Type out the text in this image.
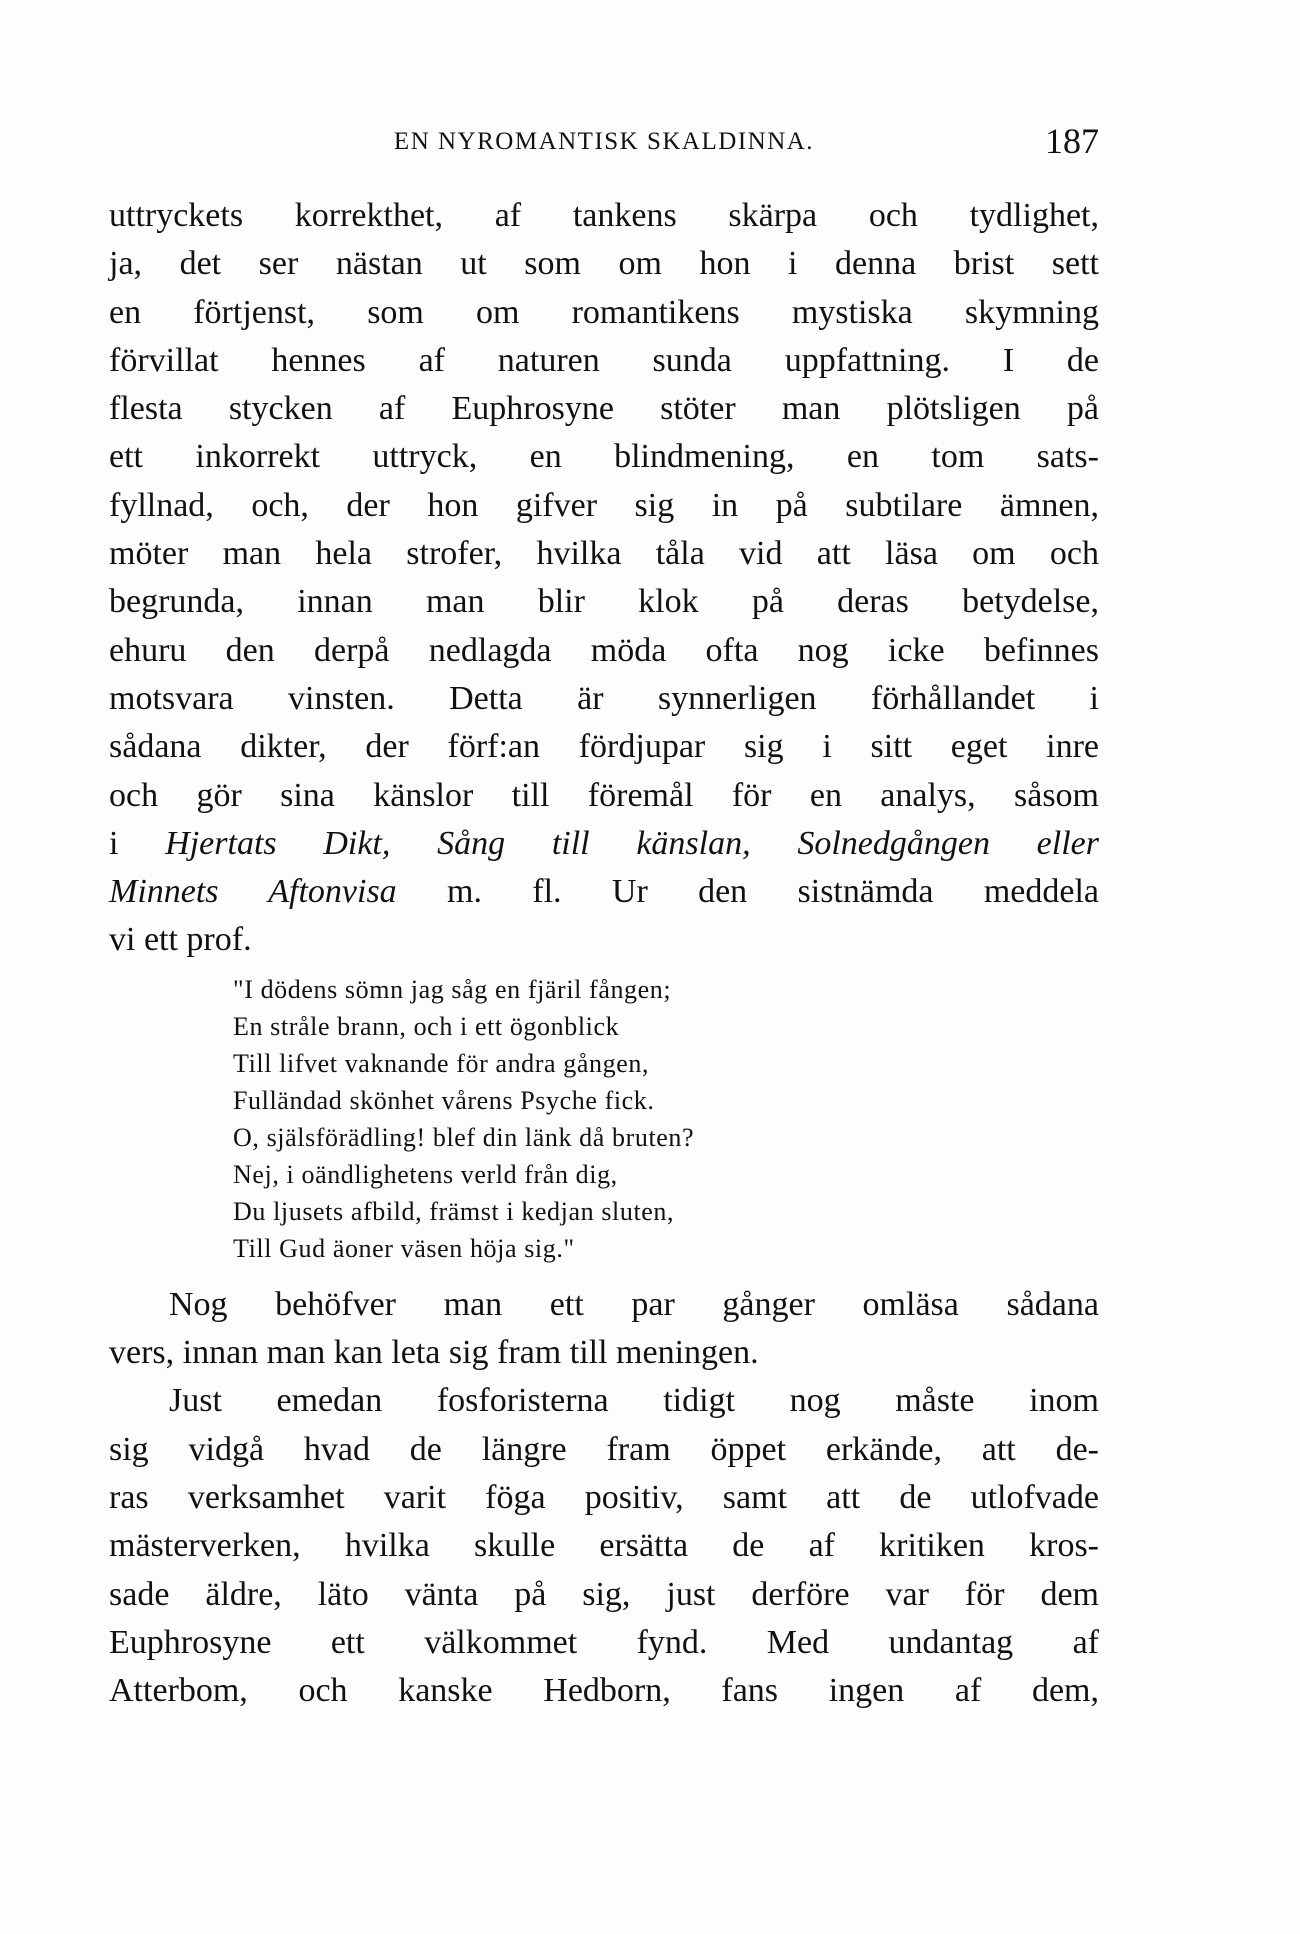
EN NYROMANTISK SKALDINNA.	187

uttryckets korrekthet, af tankens skärpa och tydlighet,
ja, det ser nästan ut som om hon i denna brist sett
en förtjenst, som om romantikens mystiska skymning
förvillat hennes af naturen sunda uppfattning. I de
flesta stycken af Euphrosyne stöter man plötsligen på
ett inkorrekt uttryck, en blindmening, en tom sats-
fyllnad, och, der hon gifver sig in på subtilare ämnen,
möter man hela strofer, hvilka tåla vid att läsa om och
begrunda, innan man blir klok på deras betydelse,
ehuru den derpå nedlagda möda ofta nog icke befinnes
motsvara vinsten. Detta är synnerligen förhållandet i
sådana dikter, der förf:an fördjupar sig i sitt eget inre
och gör sina känslor till föremål för en analys, såsom
i Hjertats Dikt, Sång till känslan, Solnedgången eller
Minnets Aftonvisa m. fl. Ur den sistnämda meddela
vi ett prof.

"I dödens sömn jag såg en fjäril fången;
En stråle brann, och i ett ögonblick
Till lifvet vaknande för andra gången,
Fulländad skönhet vårens Psyche fick.
O, själsförädling! blef din länk då bruten?
Nej, i oändlighetens verld från dig,
Du ljusets afbild, främst i kedjan sluten,
Till Gud äoner väsen höja sig."

Nog behöfver man ett par gånger omläsa sådana
vers, innan man kan leta sig fram till meningen.

Just emedan fosforisterna tidigt nog måste inom
sig vidgå hvad de längre fram öppet erkände, att de-
ras verksamhet varit föga positiv, samt att de utlofvade
mästerverken, hvilka skulle ersätta de af kritiken kros-
sade äldre, läto vänta på sig, just derföre var för dem
Euphrosyne ett välkommet fynd. Med undantag af
Atterbom, och kanske Hedborn, fans ingen af dem,
